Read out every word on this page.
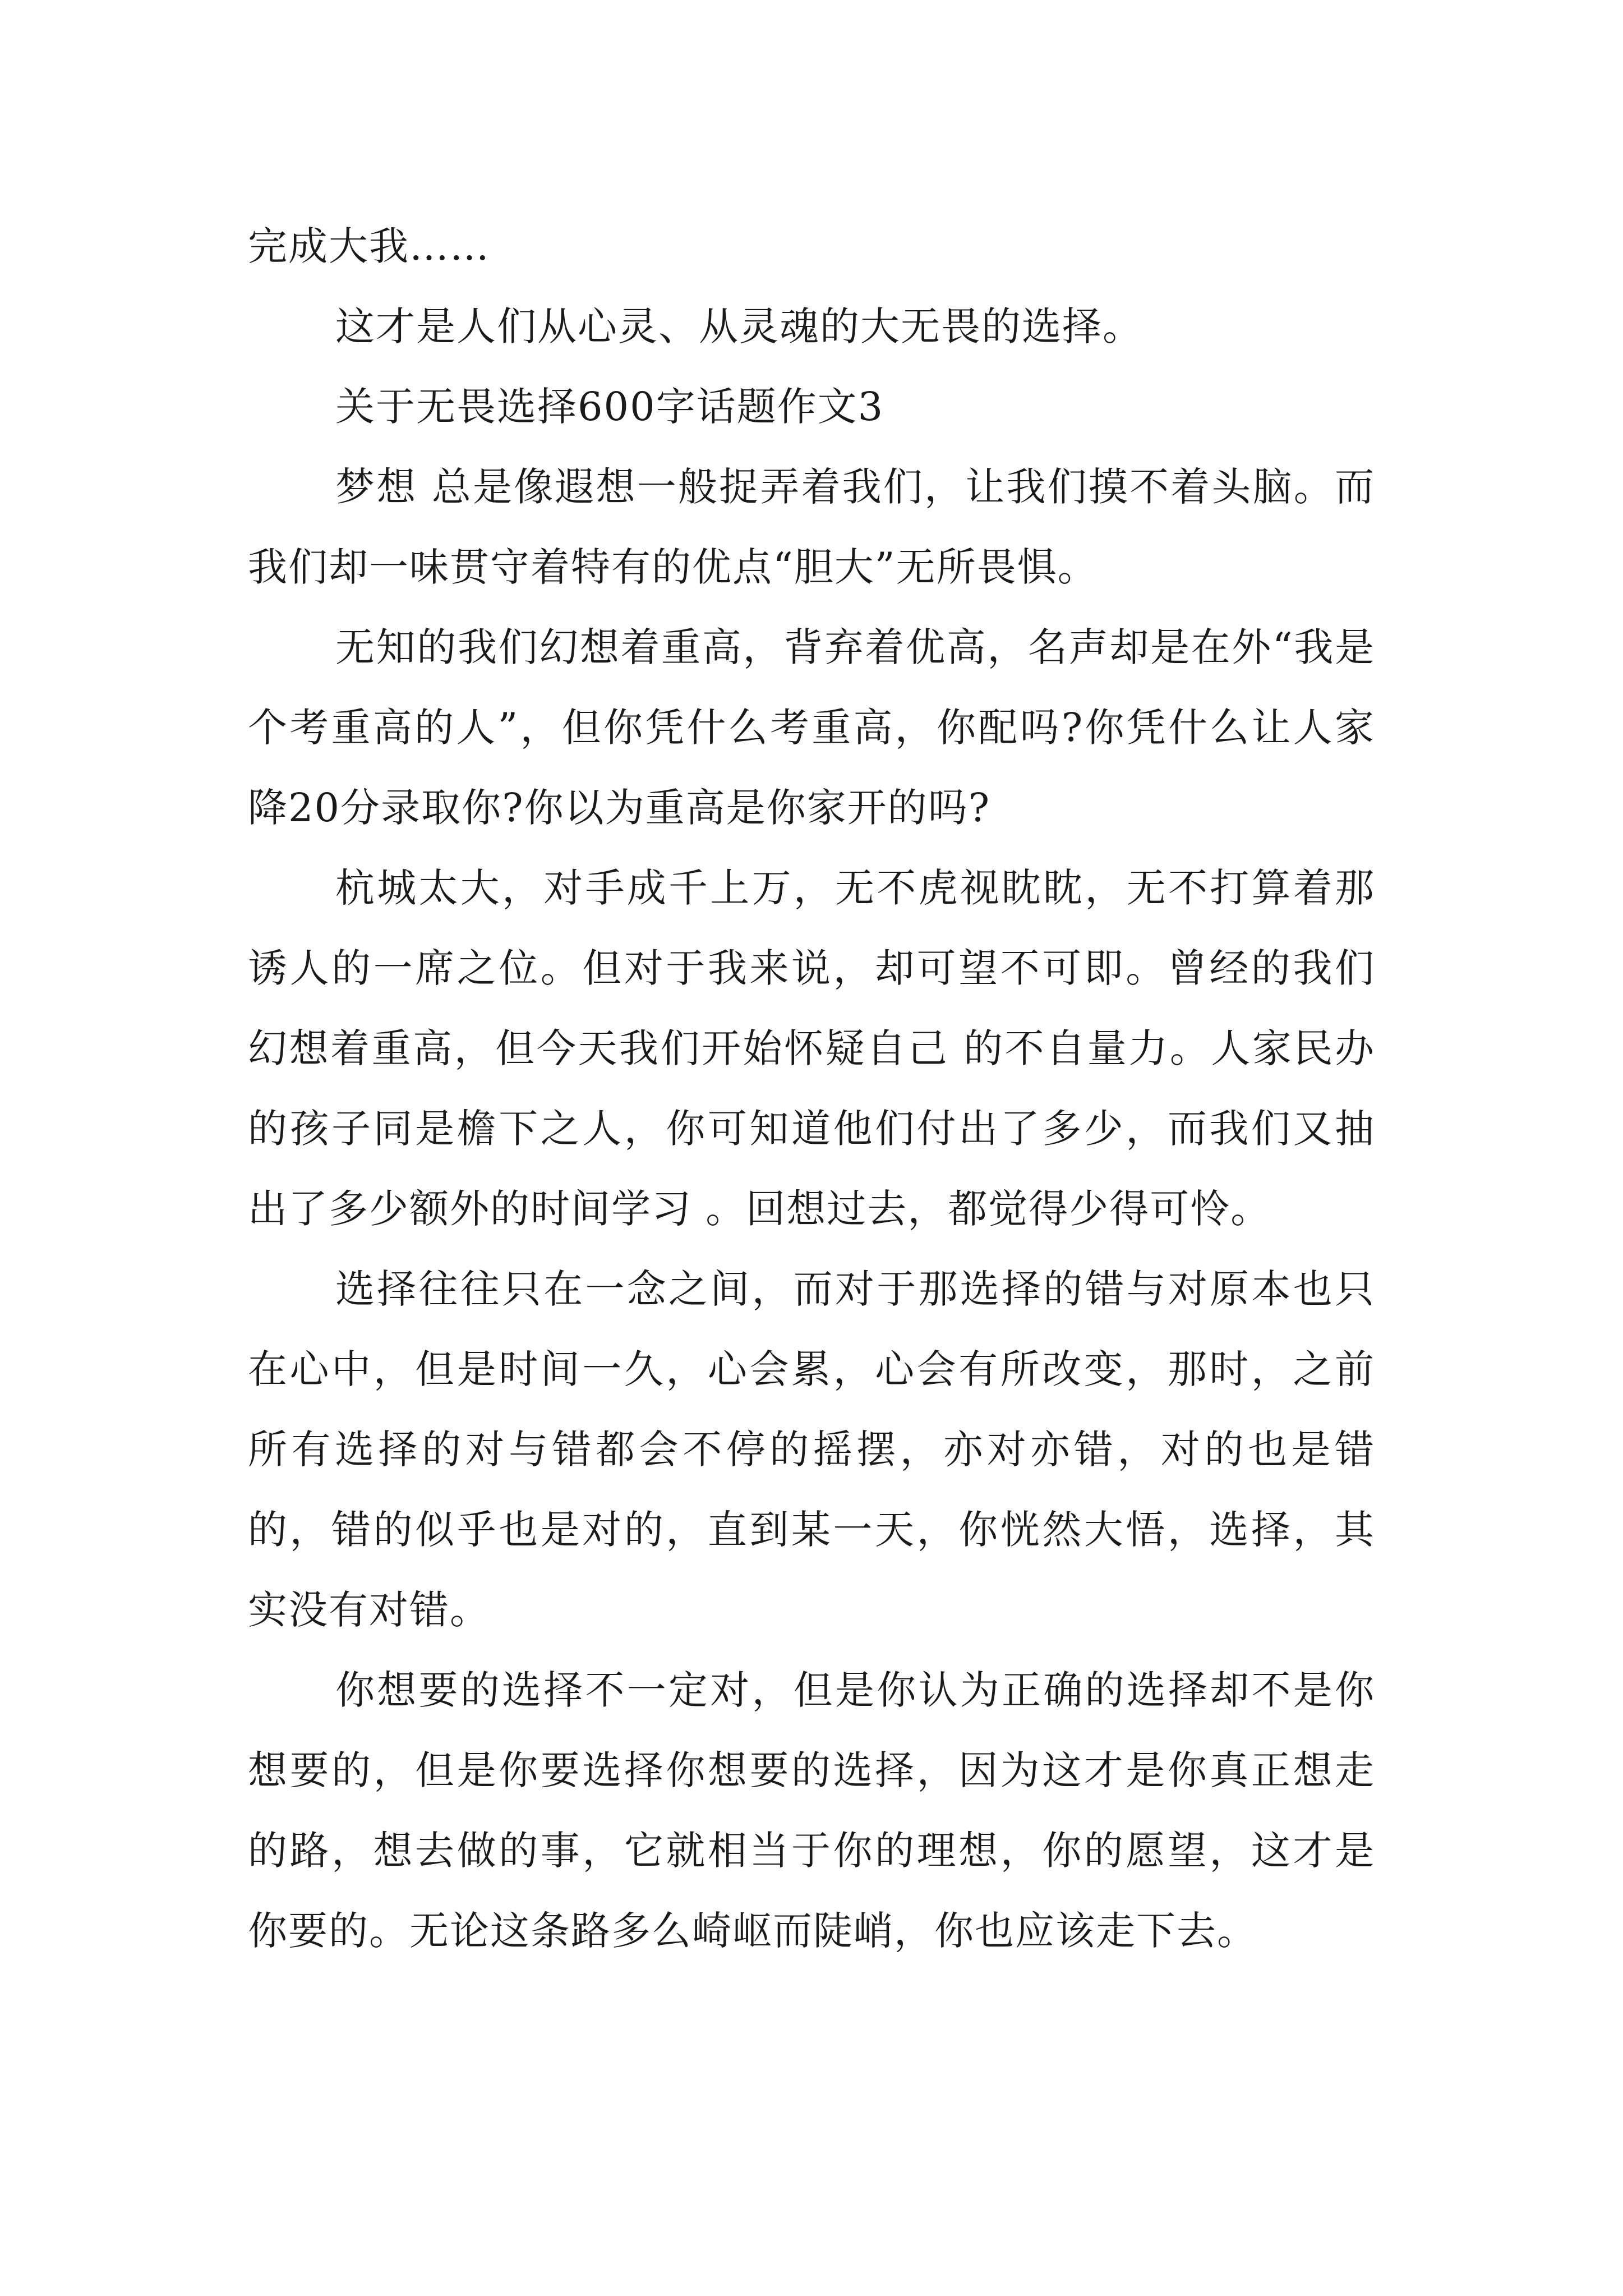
完成大我……

这才是人们从心灵、从灵魂的大无畏的选择。

关于无畏选择600字话题作文3

梦想 总是像遐想一般捉弄着我们，让我们摸不着头脑。而我们却一味贯守着特有的优点“胆大”无所畏惧。

无知的我们幻想着重高，背弃着优高，名声却是在外“我是个考重高的人”，但你凭什么考重高，你配吗?你凭什么让人家降20分录取你?你以为重高是你家开的吗?

杭城太大，对手成千上万，无不虎视眈眈，无不打算着那诱人的一席之位。但对于我来说，却可望不可即。曾经的我们幻想着重高，但今天我们开始怀疑自己 的不自量力。人家民办的孩子同是檐下之人，你可知道他们付出了多少，而我们又抽出了多少额外的时间学习 。回想过去，都觉得少得可怜。

选择往往只在一念之间，而对于那选择的错与对原本也只在心中，但是时间一久，心会累，心会有所改变，那时，之前所有选择的对与错都会不停的摇摆，亦对亦错，对的也是错的，错的似乎也是对的，直到某一天，你恍然大悟，选择，其实没有对错。

你想要的选择不一定对，但是你认为正确的选择却不是你想要的，但是你要选择你想要的选择，因为这才是你真正想走的路，想去做的事，它就相当于你的理想，你的愿望，这才是你要的。无论这条路多么崎岖而陡峭，你也应该走下去。
